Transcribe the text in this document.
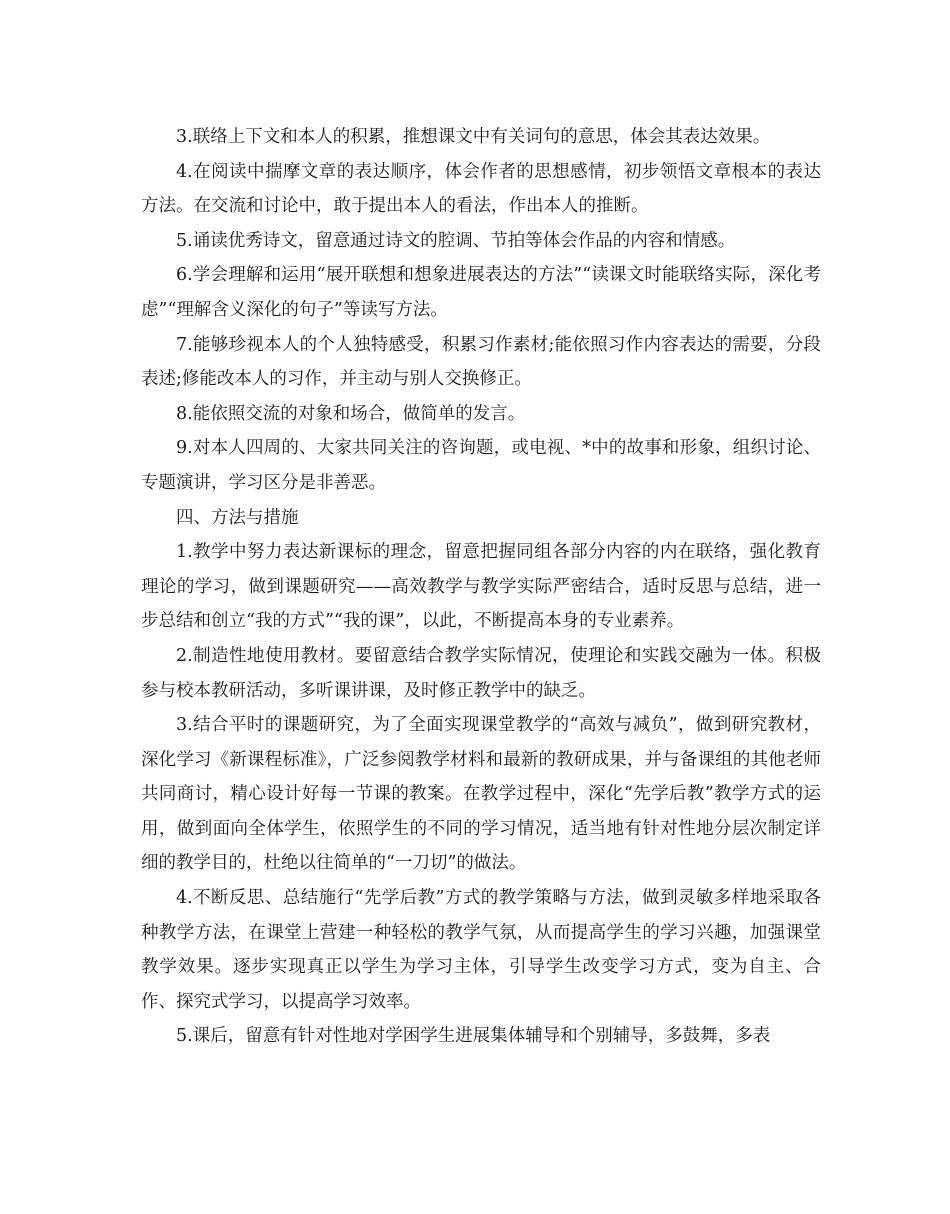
3.联络上下文和本人的积累，推想课文中有关词句的意思，体会其表达效果。

4.在阅读中揣摩文章的表达顺序，体会作者的思想感情，初步领悟文章根本的表达方法。在交流和讨论中，敢于提出本人的看法，作出本人的推断。

5.诵读优秀诗文，留意通过诗文的腔调、节拍等体会作品的内容和情感。

6.学会理解和运用“展开联想和想象进展表达的方法”“读课文时能联络实际，深化考虑”“理解含义深化的句子”等读写方法。

7.能够珍视本人的个人独特感受，积累习作素材;能依照习作内容表达的需要，分段表述;修能改本人的习作，并主动与别人交换修正。

8.能依照交流的对象和场合，做简单的发言。

9.对本人四周的、大家共同关注的咨询题，或电视、*中的故事和形象，组织讨论、专题演讲，学习区分是非善恶。

四、方法与措施

1.教学中努力表达新课标的理念，留意把握同组各部分内容的内在联络，强化教育理论的学习，做到课题研究——高效教学与教学实际严密结合，适时反思与总结，进一步总结和创立“我的方式”“我的课”，以此，不断提高本身的专业素养。

2.制造性地使用教材。要留意结合教学实际情况，使理论和实践交融为一体。积极参与校本教研活动，多听课讲课，及时修正教学中的缺乏。

3.结合平时的课题研究，为了全面实现课堂教学的“高效与减负”，做到研究教材，深化学习《新课程标准》，广泛参阅教学材料和最新的教研成果，并与备课组的其他老师共同商讨，精心设计好每一节课的教案。在教学过程中，深化“先学后教”教学方式的运用，做到面向全体学生，依照学生的不同的学习情况，适当地有针对性地分层次制定详细的教学目的，杜绝以往简单的“一刀切”的做法。

4.不断反思、总结施行“先学后教”方式的教学策略与方法，做到灵敏多样地采取各种教学方法，在课堂上营建一种轻松的教学气氛，从而提高学生的学习兴趣，加强课堂教学效果。逐步实现真正以学生为学习主体，引导学生改变学习方式，变为自主、合作、探究式学习，以提高学习效率。

5.课后，留意有针对性地对学困学生进展集体辅导和个别辅导，多鼓舞，多表
